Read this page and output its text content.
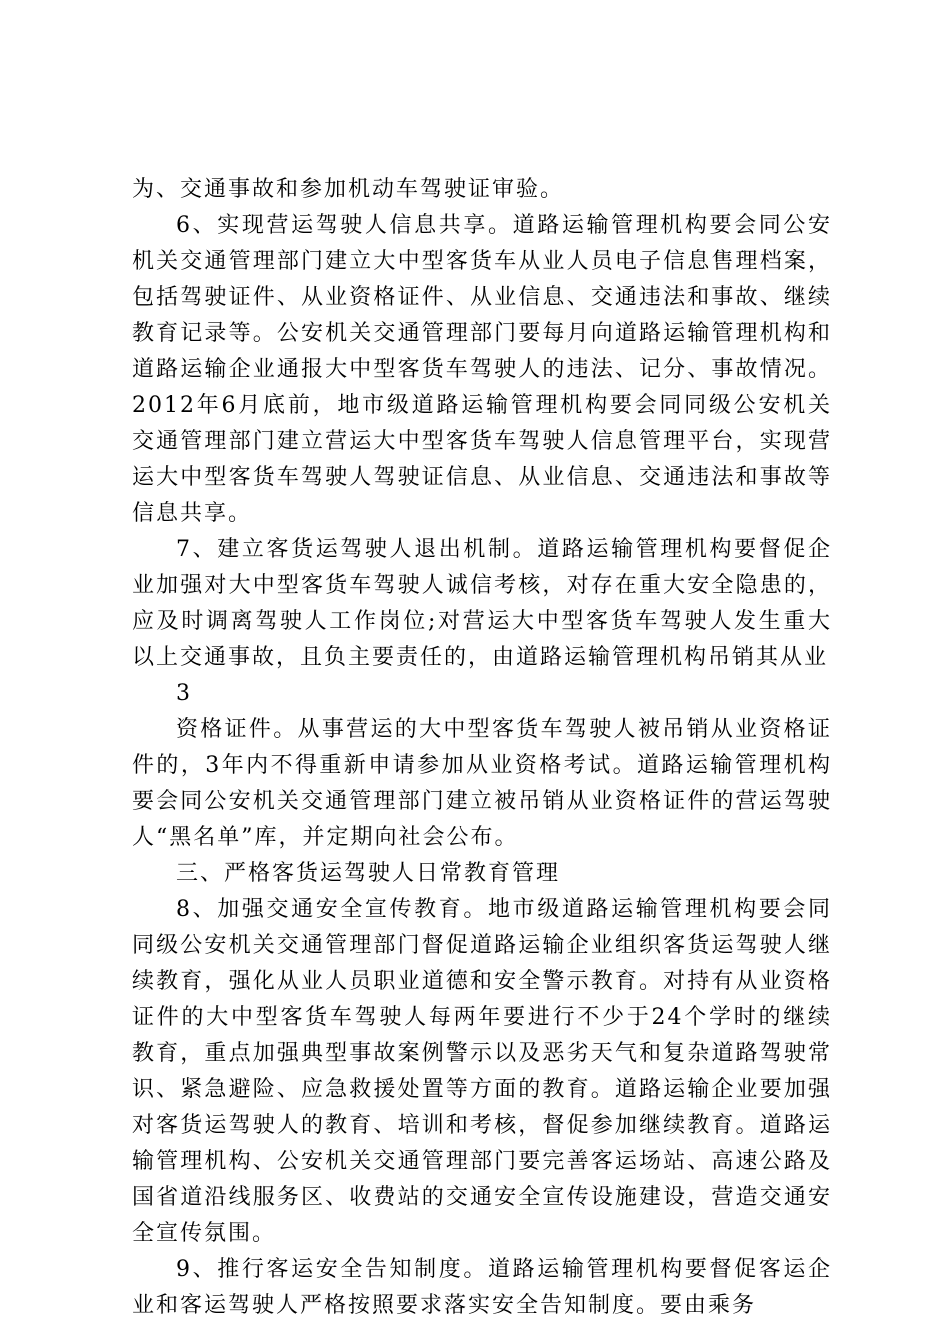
为、交通事故和参加机动车驾驶证审验。

6、实现营运驾驶人信息共享。道路运输管理机构要会同公安机关交通管理部门建立大中型客货车从业人员电子信息售理档案，包括驾驶证件、从业资格证件、从业信息、交通违法和事故、继续教育记录等。公安机关交通管理部门要每月向道路运输管理机构和道路运输企业通报大中型客货车驾驶人的违法、记分、事故情况。2012年6月底前，地市级道路运输管理机构要会同同级公安机关交通管理部门建立营运大中型客货车驾驶人信息管理平台，实现营运大中型客货车驾驶人驾驶证信息、从业信息、交通违法和事故等信息共享。

7、建立客货运驾驶人退出机制。道路运输管理机构要督促企业加强对大中型客货车驾驶人诚信考核，对存在重大安全隐患的，应及时调离驾驶人工作岗位;对营运大中型客货车驾驶人发生重大以上交通事故，且负主要责任的，由道路运输管理机构吊销其从业

3

资格证件。从事营运的大中型客货车驾驶人被吊销从业资格证件的，3年内不得重新申请参加从业资格考试。道路运输管理机构要会同公安机关交通管理部门建立被吊销从业资格证件的营运驾驶人“黑名单”库，并定期向社会公布。

三、严格客货运驾驶人日常教育管理

8、加强交通安全宣传教育。地市级道路运输管理机构要会同同级公安机关交通管理部门督促道路运输企业组织客货运驾驶人继续教育，强化从业人员职业道德和安全警示教育。对持有从业资格证件的大中型客货车驾驶人每两年要进行不少于24个学时的继续教育，重点加强典型事故案例警示以及恶劣天气和复杂道路驾驶常识、紧急避险、应急救援处置等方面的教育。道路运输企业要加强对客货运驾驶人的教育、培训和考核，督促参加继续教育。道路运输管理机构、公安机关交通管理部门要完善客运场站、高速公路及国省道沿线服务区、收费站的交通安全宣传设施建设，营造交通安全宣传氛围。

9、推行客运安全告知制度。道路运输管理机构要督促客运企业和客运驾驶人严格按照要求落实安全告知制度。要由乘务
